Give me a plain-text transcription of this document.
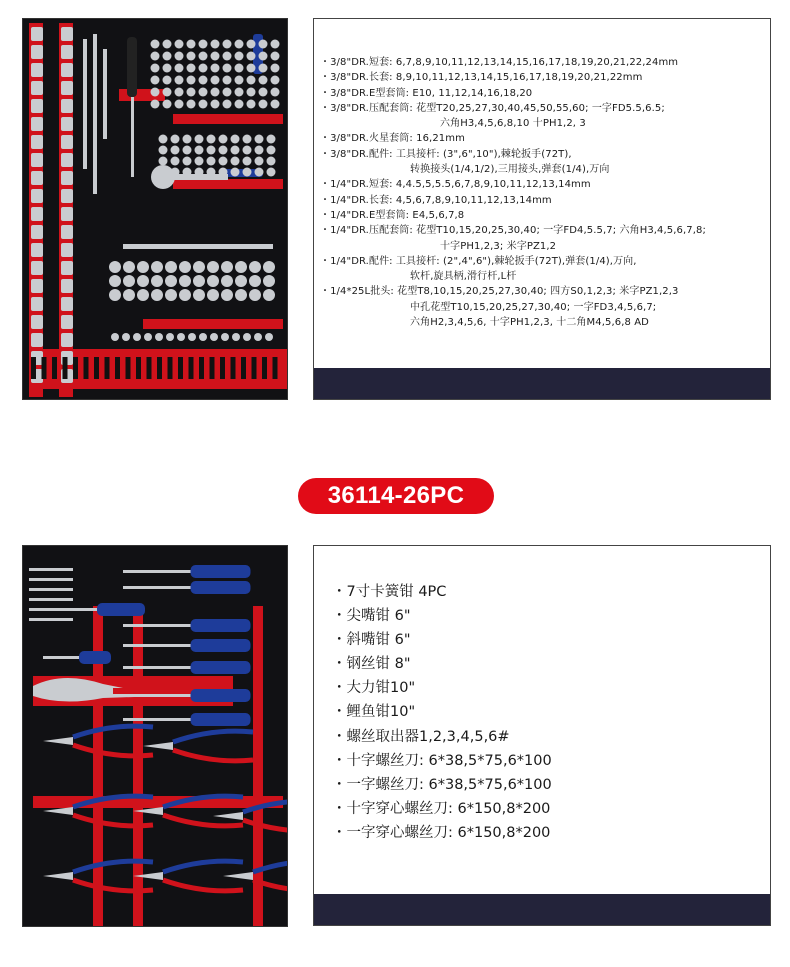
・3/8"DR.短套: 6,7,8,9,10,11,12,13,14,15,16,17,18,19,20,21,22,24mm
・3/8"DR.长套: 8,9,10,11,12,13,14,15,16,17,18,19,20,21,22mm
・3/8"DR.E型套筒: E10, 11,12,14,16,18,20
・3/8"DR.压配套筒: 花型T20,25,27,30,40,45,50,55,60; 一字FD5.5,6.5;
六角H3,4,5,6,8,10 十PH1,2, 3
・3/8"DR.火星套筒: 16,21mm
・3/8"DR.配件: 工具接杆: (3",6",10"),棘轮扳手(72T),
转换接头(1/4,1/2),三用接头,弹套(1/4),万向
・1/4"DR.短套: 4,4.5,5,5.5,6,7,8,9,10,11,12,13,14mm
・1/4"DR.长套: 4,5,6,7,8,9,10,11,12,13,14mm
・1/4"DR.E型套筒: E4,5,6,7,8
・1/4"DR.压配套筒: 花型T10,15,20,25,30,40; 一字FD4,5.5,7; 六角H3,4,5,6,7,8;
十字PH1,2,3; 米字PZ1,2
・1/4"DR.配件: 工具接杆: (2",4",6"),棘轮扳手(72T),弹套(1/4),万向,
软杆,旋具柄,滑行杆,L杆
・1/4*25L批头: 花型T8,10,15,20,25,27,30,40; 四方S0,1,2,3; 米字PZ1,2,3
中孔花型T10,15,20,25,27,30,40; 一字FD3,4,5,6,7;
六角H2,3,4,5,6, 十字PH1,2,3, 十二角M4,5,6,8 AD
36114-26PC
・7寸卡簧钳 4PC
・尖嘴钳 6"
・斜嘴钳 6"
・钢丝钳 8"
・大力钳10"
・鲤鱼钳10"
・螺丝取出器1,2,3,4,5,6#
・十字螺丝刀: 6*38,5*75,6*100
・一字螺丝刀: 6*38,5*75,6*100
・十字穿心螺丝刀: 6*150,8*200
・一字穿心螺丝刀: 6*150,8*200
